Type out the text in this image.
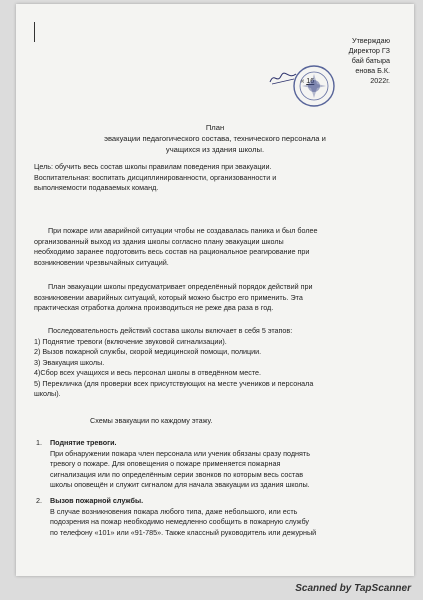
Утверждаю
Директор ГЗ
бай батыра
енова Б.К.
« 16	2022г.
План
эвакуации педагогического состава, технического персонала и
учащихся из здания школы.

Цель: обучить весь состав школы правилам поведения при эвакуации.

Воспитательная: воспитать дисциплинированности, организованности и

выполняемости подаваемых команд.

При пожаре или аварийной ситуации чтобы не создавалась паника и был более

организованный выход из здания школы согласно плану эвакуации школы

необходимо заранее подготовить весь состав на рациональное реагирование при

возникновении чрезвычайных ситуаций.

План эвакуации школы предусматривает определённый порядок действий при

возникновении аварийных ситуаций, который можно быстро его применить. Эта

практическая отработка должна производиться не реже два раза в год.

Последовательность действий состава школы включает в себя 5 этапов:

1) Поднятие тревоги (включение звуковой сигнализации).

2) Вызов пожарной службы, скорой медицинской помощи, полиции.

3) Эвакуация школы.

4)Сбор всех учащихся и весь персонал школы в отведённом месте.

5) Перекличка (для проверки всех присутствующих на месте учеников и персонала

школы).

Схемы эвакуации по каждому этажу.
1. Поднятие тревоги.

При обнаружении пожара член персонала или ученик обязаны сразу поднять

тревогу о пожаре. Для оповещения о пожаре применяется пожарная

сигнализация или по определённым серии звонков по которым весь состав

школы оповещён и служит сигналом для начала эвакуации из здания школы.

2. Вызов пожарной службы.

В случае возникновения пожара любого типа, даже небольшого, или есть

подозрения на пожар необходимо немедленно сообщить в пожарную службу

по телефону «101» или «91-785». Также классный руководитель или дежурный

Scanned by TapScanner
